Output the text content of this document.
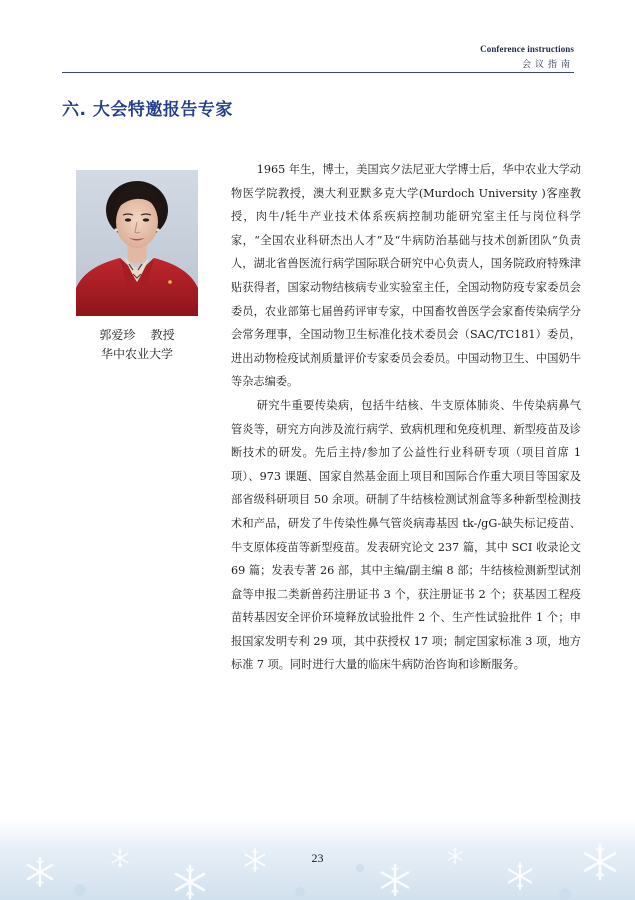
Conference instructions
会议指南
六. 大会特邀报告专家
郭爱珍    教授
华中农业大学

1965 年生，博士，美国宾夕法尼亚大学博士后，华中农业大学动物医学院教授，澳大利亚默多克大学(Murdoch University )客座教授，肉牛/牦牛产业技术体系疾病控制功能研究室主任与岗位科学家，“全国农业科研杰出人才”及“牛病防治基础与技术创新团队”负责人，湖北省兽医流行病学国际联合研究中心负责人，国务院政府特殊津贴获得者，国家动物结核病专业实验室主任，全国动物防疫专家委员会委员，农业部第七届兽药评审专家，中国畜牧兽医学会家畜传染病学分会常务理事，全国动物卫生标准化技术委员会（SAC/TC181）委员，进出动物检疫试剂质量评价专家委员会委员。中国动物卫生、中国奶牛等杂志编委。

研究牛重要传染病，包括牛结核、牛支原体肺炎、牛传染病鼻气管炎等，研究方向涉及流行病学、致病机理和免疫机理、新型疫苗及诊断技术的研发。先后主持/参加了公益性行业科研专项（项目首席 1 项）、973 课题、国家自然基金面上项目和国际合作重大项目等国家及部省级科研项目 50 余项。研制了牛结核检测试剂盒等多种新型检测技术和产品，研发了牛传染性鼻气管炎病毒基因 tk-/gG-缺失标记疫苗、牛支原体疫苗等新型疫苗。发表研究论文 237 篇，其中 SCI 收录论文 69 篇；发表专著 26 部，其中主编/副主编 8 部；牛结核检测新型试剂盒等申报二类新兽药注册证书 3 个，获注册证书 2 个；获基因工程疫苗转基因安全评价环境释放试验批件 2 个、生产性试验批件 1 个；申报国家发明专利 29 项，其中获授权 17 项；制定国家标准 3 项，地方标准 7 项。同时进行大量的临床牛病防治咨询和诊断服务。

23
